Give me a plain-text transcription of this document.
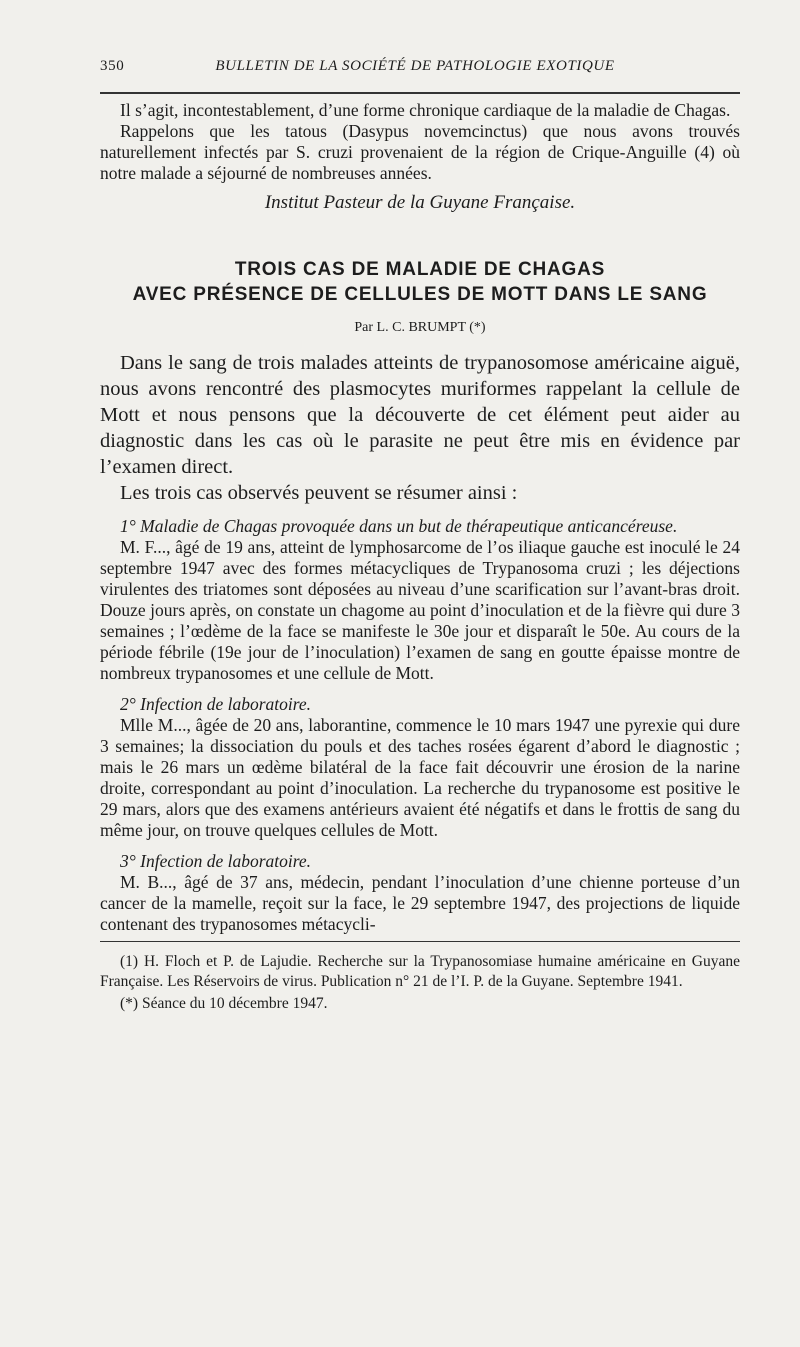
350	BULLETIN DE LA SOCIÉTÉ DE PATHOLOGIE EXOTIQUE

Il s’agit, incontestablement, d’une forme chronique cardiaque de la maladie de Chagas.

Rappelons que les tatous (Dasypus novemcinctus) que nous avons trouvés naturellement infectés par S. cruzi provenaient de la région de Crique-Anguille (4) où notre malade a séjourné de nombreuses années.

Institut Pasteur de la Guyane Française.

TROIS CAS DE MALADIE DE CHAGAS

AVEC PRÉSENCE DE CELLULES DE MOTT DANS LE SANG

Par L. C. BRUMPT (*)

Dans le sang de trois malades atteints de trypanosomose américaine aiguë, nous avons rencontré des plasmocytes muriformes rappelant la cellule de Mott et nous pensons que la découverte de cet élément peut aider au diagnostic dans les cas où le parasite ne peut être mis en évidence par l’examen direct.

Les trois cas observés peuvent se résumer ainsi :

1° Maladie de Chagas provoquée dans un but de thérapeutique anticancéreuse.

M. F..., âgé de 19 ans, atteint de lymphosarcome de l’os iliaque gauche est inoculé le 24 septembre 1947 avec des formes métacycliques de Trypanosoma cruzi ; les déjections virulentes des triatomes sont déposées au niveau d’une scarification sur l’avant-bras droit. Douze jours après, on constate un chagome au point d’inoculation et de la fièvre qui dure 3 semaines ; l’œdème de la face se manifeste le 30e jour et disparaît le 50e. Au cours de la période fébrile (19e jour de l’inoculation) l’examen de sang en goutte épaisse montre de nombreux trypanosomes et une cellule de Mott.

2° Infection de laboratoire.

Mlle M..., âgée de 20 ans, laborantine, commence le 10 mars 1947 une pyrexie qui dure 3 semaines; la dissociation du pouls et des taches rosées égarent d’abord le diagnostic ; mais le 26 mars un œdème bilatéral de la face fait découvrir une érosion de la narine droite, correspondant au point d’inoculation. La recherche du trypanosome est positive le 29 mars, alors que des examens antérieurs avaient été négatifs et dans le frottis de sang du même jour, on trouve quelques cellules de Mott.

3° Infection de laboratoire.

M. B..., âgé de 37 ans, médecin, pendant l’inoculation d’une chienne porteuse d’un cancer de la mamelle, reçoit sur la face, le 29 septembre 1947, des projections de liquide contenant des trypanosomes métacycli-

(1) H. Floch et P. de Lajudie. Recherche sur la Trypanosomiase humaine américaine en Guyane Française. Les Réservoirs de virus. Publication n° 21 de l’I. P. de la Guyane. Septembre 1941.

(*) Séance du 10 décembre 1947.
